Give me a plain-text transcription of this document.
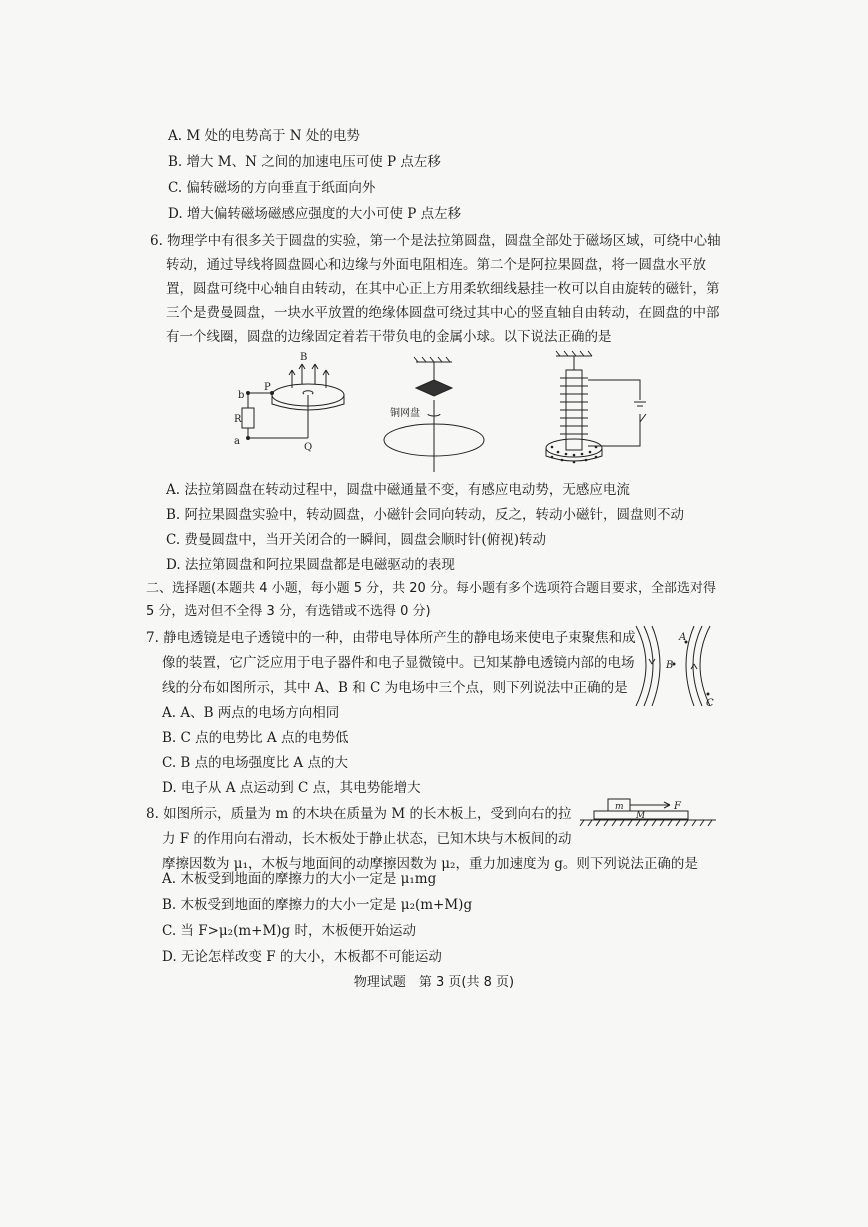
A. M 处的电势高于 N 处的电势
B. 增大 M、N 之间的加速电压可使 P 点左移
C. 偏转磁场的方向垂直于纸面向外
D. 增大偏转磁场磁感应强度的大小可使 P 点左移
6. 物理学中有很多关于圆盘的实验，第一个是法拉第圆盘，圆盘全部处于磁场区域，可绕中心轴
转动，通过导线将圆盘圆心和边缘与外面电阻相连。第二个是阿拉果圆盘，将一圆盘水平放
置，圆盘可绕中心轴自由转动，在其中心正上方用柔软细线悬挂一枚可以自由旋转的磁针，第
三个是费曼圆盘，一块水平放置的绝缘体圆盘可绕过其中心的竖直轴自由转动，在圆盘的中部
有一个线圈，圆盘的边缘固定着若干带负电的金属小球。以下说法正确的是
b
P
B
R
a
Q
铜网盘
A. 法拉第圆盘在转动过程中，圆盘中磁通量不变，有感应电动势，无感应电流
B. 阿拉果圆盘实验中，转动圆盘，小磁针会同向转动，反之，转动小磁针，圆盘则不动
C. 费曼圆盘中，当开关闭合的一瞬间，圆盘会顺时针(俯视)转动
D. 法拉第圆盘和阿拉果圆盘都是电磁驱动的表现
二、选择题(本题共 4 小题，每小题 5 分，共 20 分。每小题有多个选项符合题目要求，全部选对得
5 分，选对但不全得 3 分，有选错或不选得 0 分)
7. 静电透镜是电子透镜中的一种，由带电导体所产生的静电场来使电子束聚焦和成
像的装置，它广泛应用于电子器件和电子显微镜中。已知某静电透镜内部的电场
线的分布如图所示，其中 A、B 和 C 为电场中三个点，则下列说法中正确的是
A
B
C
A. A、B 两点的电场方向相同
B. C 点的电势比 A 点的电势低
C. B 点的电场强度比 A 点的大
D. 电子从 A 点运动到 C 点，其电势能增大
8. 如图所示，质量为 m 的木块在质量为 M 的长木板上，受到向右的拉
力 F 的作用向右滑动，长木板处于静止状态，已知木块与木板间的动
摩擦因数为 μ₁，木板与地面间的动摩擦因数为 μ₂，重力加速度为 g。则下列说法正确的是
m	F
M
A. 木板受到地面的摩擦力的大小一定是 μ₁mg
B. 木板受到地面的摩擦力的大小一定是 μ₂(m+M)g
C. 当 F>μ₂(m+M)g 时，木板便开始运动
D. 无论怎样改变 F 的大小，木板都不可能运动
物理试题　第 3 页(共 8 页)
